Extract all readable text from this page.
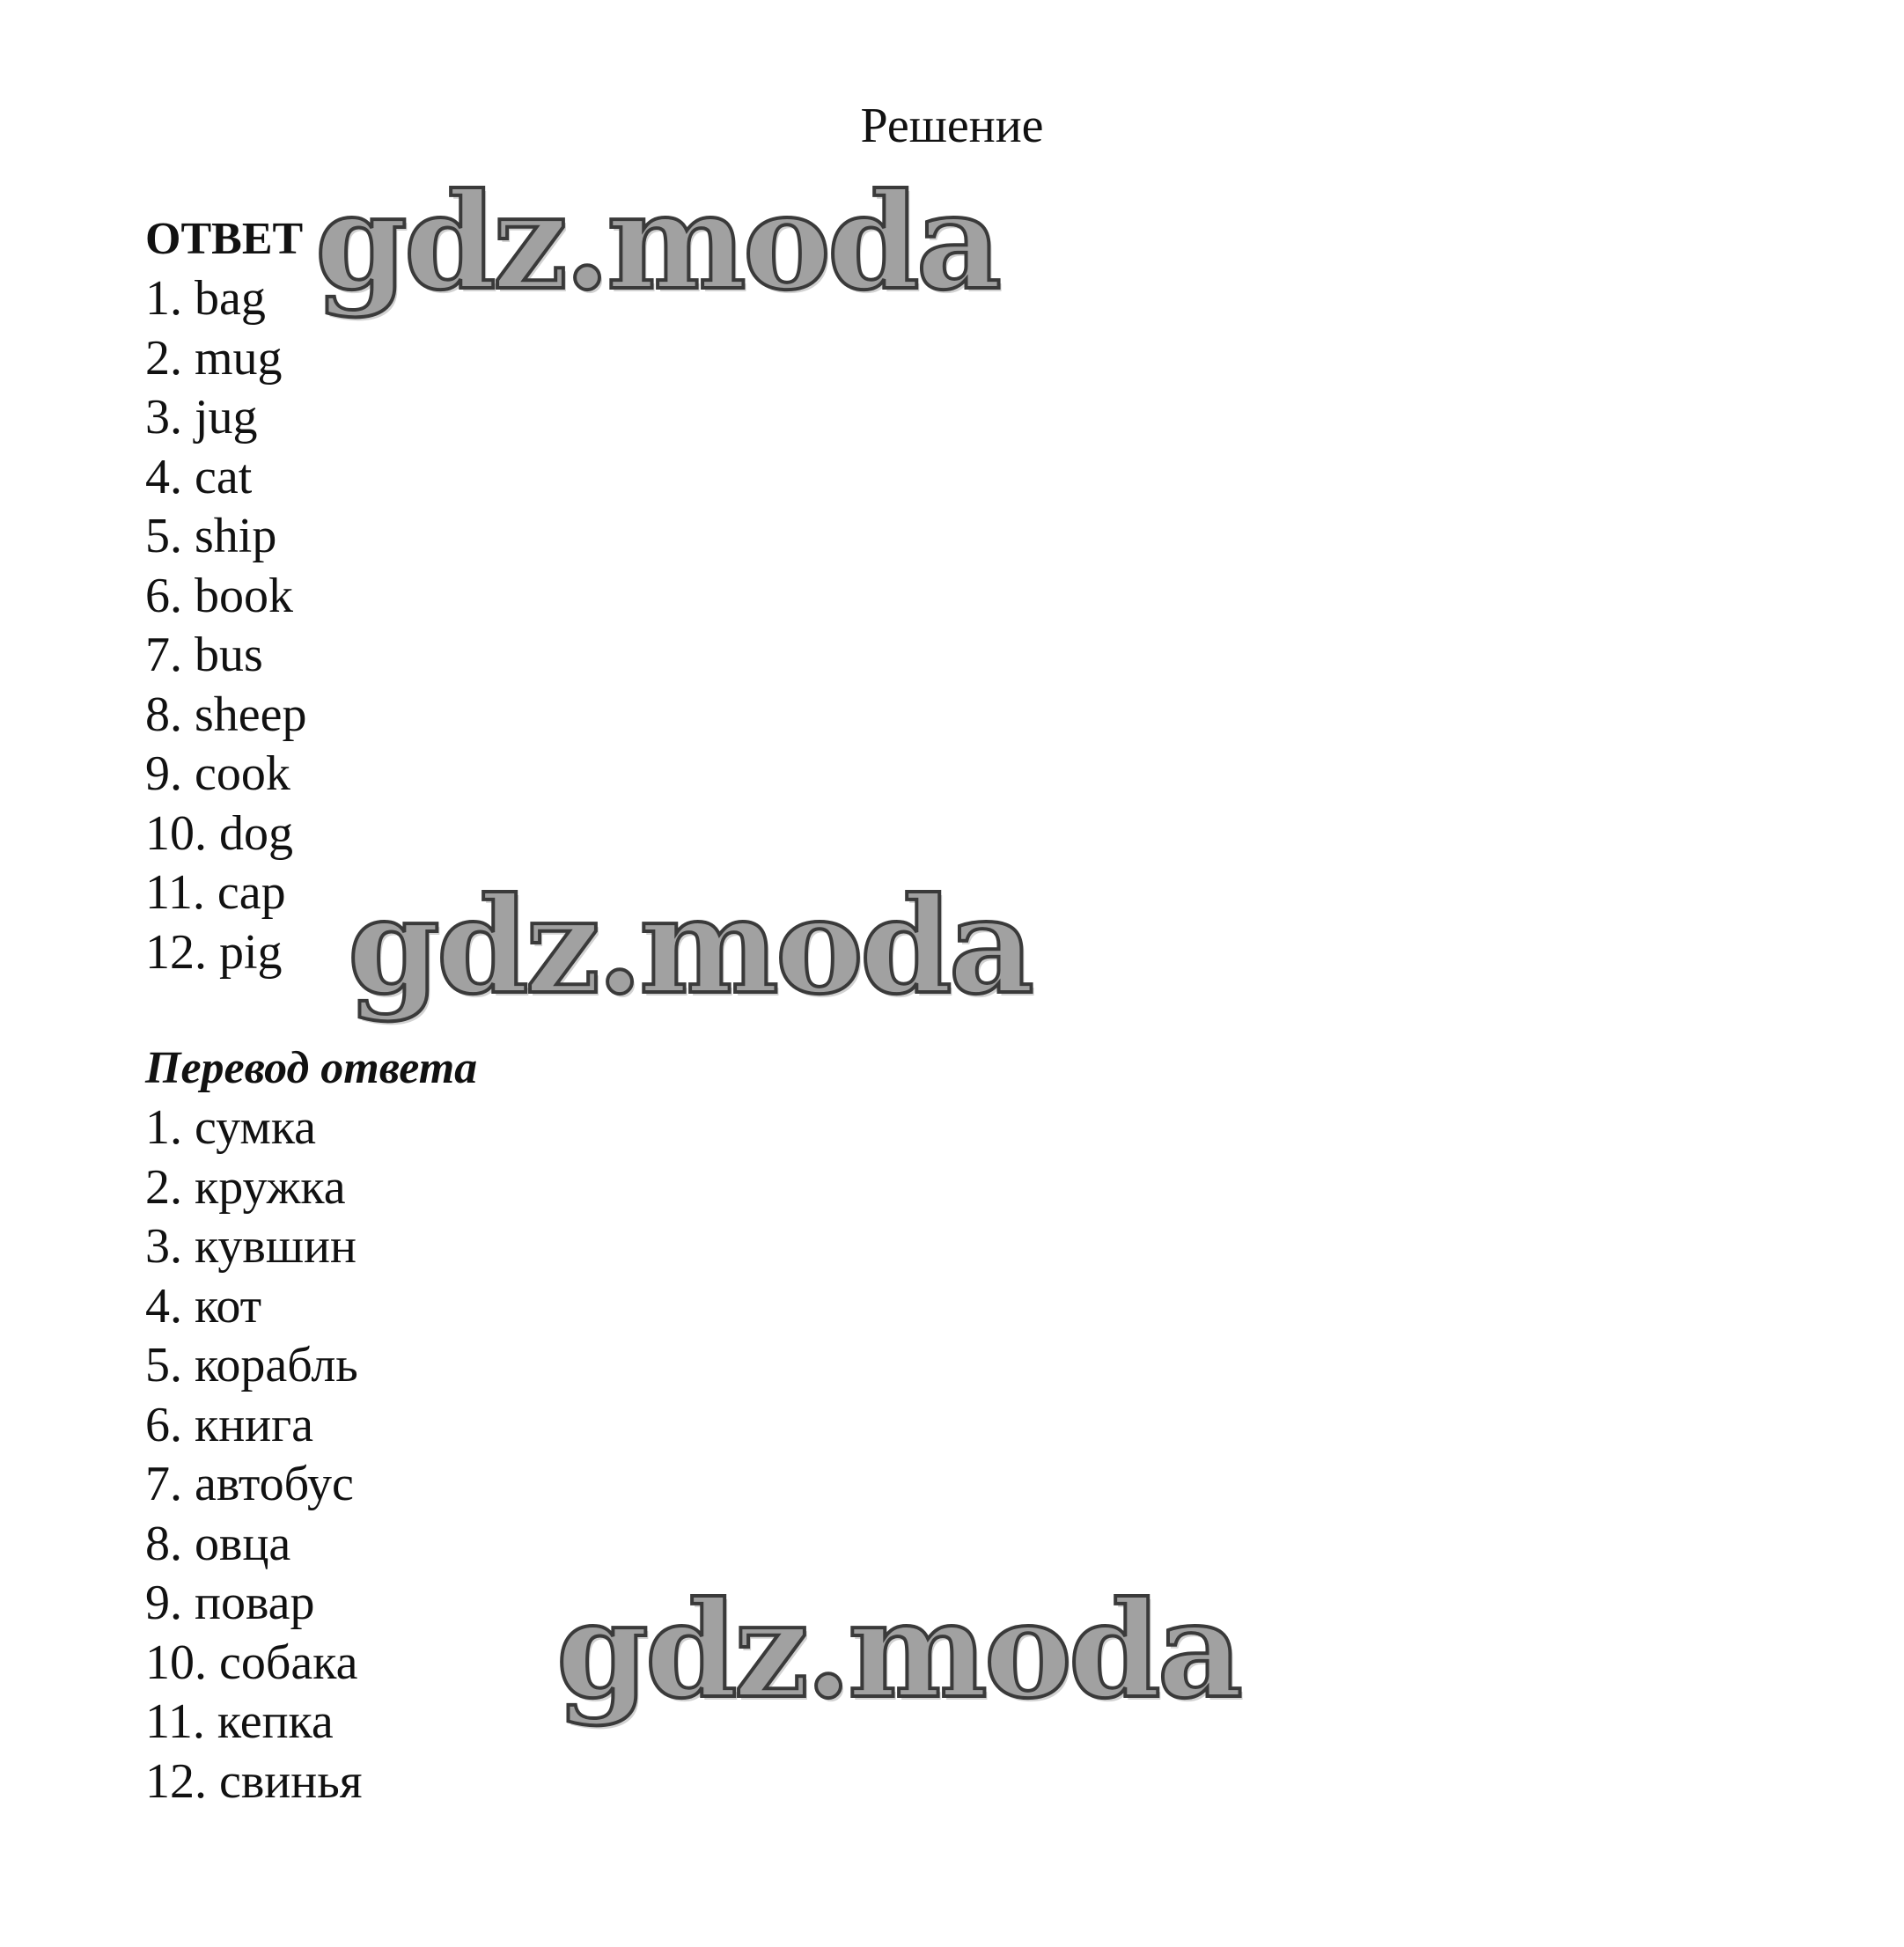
Решение
ОТВЕТ
1. bag
2. mug
3. jug
4. cat
5. ship
6. book
7. bus
8. sheep
9. cook
10. dog
11. cap
12. pig
Перевод ответа
1. сумка
2. кружка
3. кувшин
4. кот
5. корабль
6. книга
7. автобус
8. овца
9. повар
10. собака
11. кепка
12. свинья
gdz.moda
gdz.moda
gdz.moda
